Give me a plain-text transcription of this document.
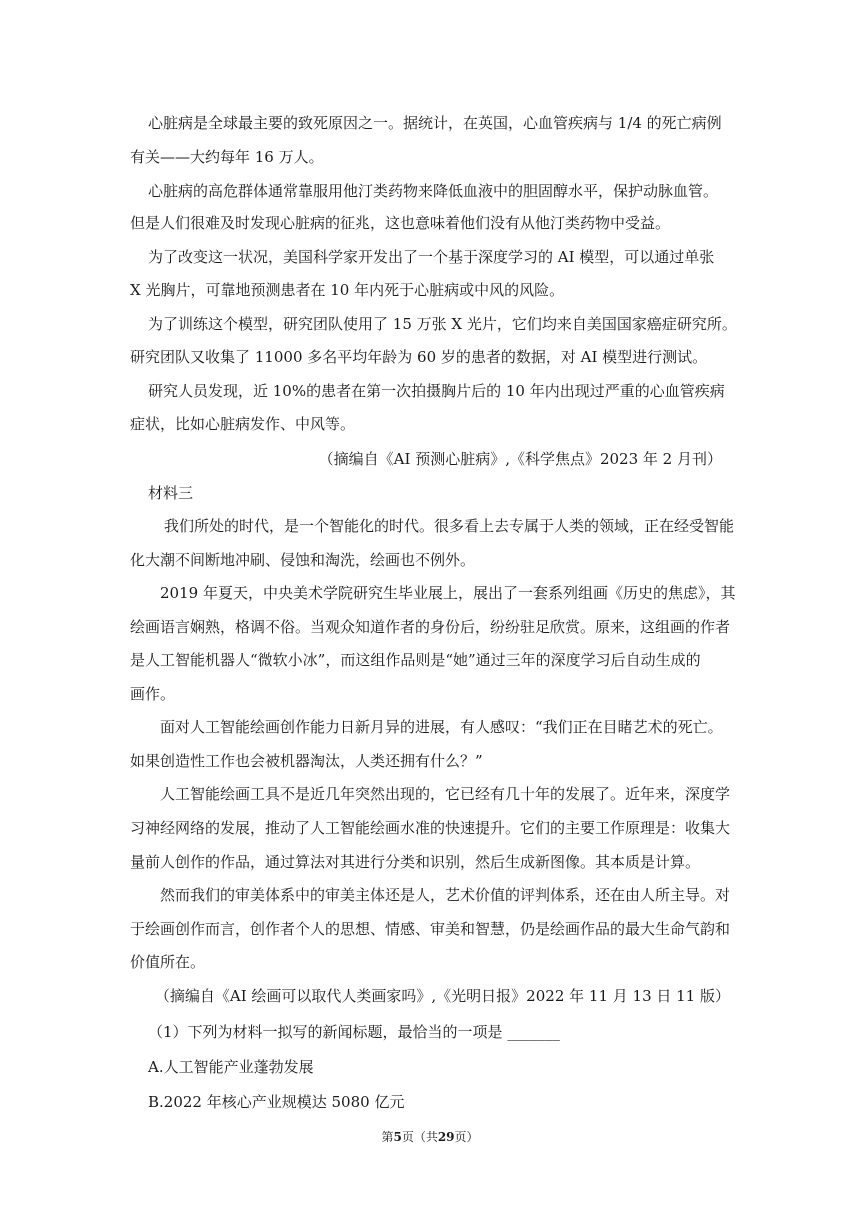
心脏病是全球最主要的致死原因之一。据统计，在英国，心血管疾病与 1/4 的死亡病例
有关——大约每年 16 万人。
心脏病的高危群体通常靠服用他汀类药物来降低血液中的胆固醇水平，保护动脉血管。
但是人们很难及时发现心脏病的征兆，这也意味着他们没有从他汀类药物中受益。
为了改变这一状况，美国科学家开发出了一个基于深度学习的 AI 模型，可以通过单张
X 光胸片，可靠地预测患者在 10 年内死于心脏病或中风的风险。
为了训练这个模型，研究团队使用了 15 万张 X 光片，它们均来自美国国家癌症研究所。
研究团队又收集了 11000 多名平均年龄为 60 岁的患者的数据，对 AI 模型进行测试。
研究人员发现，近 10%的患者在第一次拍摄胸片后的 10 年内出现过严重的心血管疾病
症状，比如心脏病发作、中风等。
（摘编自《AI 预测心脏病》,《科学焦点》2023 年 2 月刊）
材料三
我们所处的时代，是一个智能化的时代。很多看上去专属于人类的领域，正在经受智能
化大潮不间断地冲刷、侵蚀和淘洗，绘画也不例外。
2019 年夏天，中央美术学院研究生毕业展上，展出了一套系列组画《历史的焦虑》，其
绘画语言娴熟，格调不俗。当观众知道作者的身份后，纷纷驻足欣赏。原来，这组画的作者
是人工智能机器人“微软小冰”，而这组作品则是“她”通过三年的深度学习后自动生成的
画作。
面对人工智能绘画创作能力日新月异的进展，有人感叹：“我们正在目睹艺术的死亡。
如果创造性工作也会被机器淘汰，人类还拥有什么？”
人工智能绘画工具不是近几年突然出现的，它已经有几十年的发展了。近年来，深度学
习神经网络的发展，推动了人工智能绘画水准的快速提升。它们的主要工作原理是：收集大
量前人创作的作品，通过算法对其进行分类和识别，然后生成新图像。其本质是计算。
然而我们的审美体系中的审美主体还是人，艺术价值的评判体系，还在由人所主导。对
于绘画创作而言，创作者个人的思想、情感、审美和智慧，仍是绘画作品的最大生命气韵和
价值所在。
（摘编自《AI 绘画可以取代人类画家吗》,《光明日报》2022 年 11 月 13 日 11 版）
（1）下列为材料一拟写的新闻标题，最恰当的一项是 _______
A.人工智能产业蓬勃发展
B.2022 年核心产业规模达 5080 亿元
第5页（共29页）
